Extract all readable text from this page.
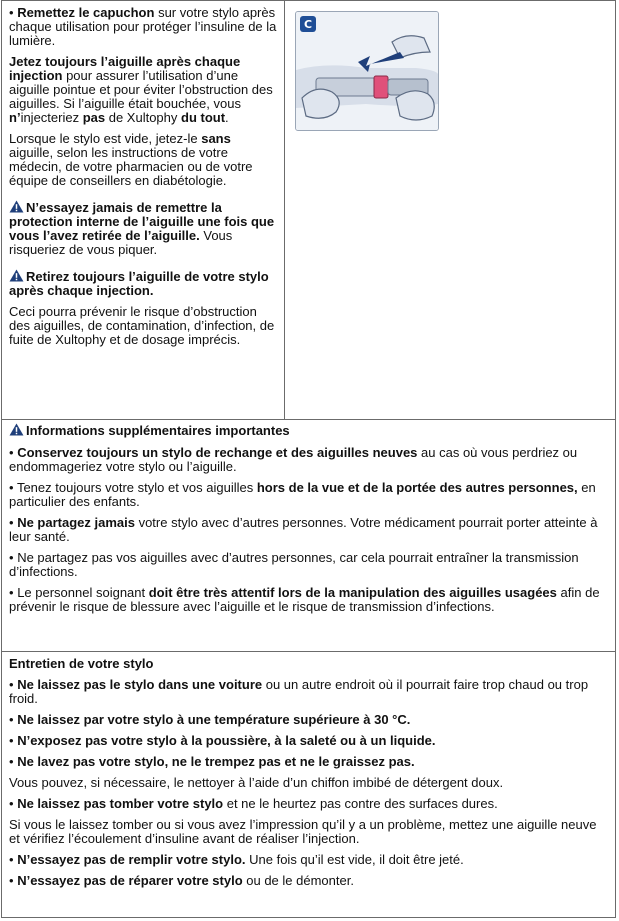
• Remettez le capuchon sur votre stylo après chaque utilisation pour protéger l’insuline de la lumière.

Jetez toujours l’aiguille après chaque injection pour assurer l’utilisation d’une aiguille pointue et pour éviter l’obstruction des aiguilles. Si l’aiguille était bouchée, vous n’injecteriez pas de Xultophy du tout.

Lorsque le stylo est vide, jetez-le sans aiguille, selon les instructions de votre médecin, de votre pharmacien ou de votre équipe de conseillers en diabétologie.

N’essayez jamais de remettre la protection interne de l’aiguille une fois que vous l’avez retirée de l’aiguille. Vous risqueriez de vous piquer.

Retirez toujours l’aiguille de votre stylo après chaque injection.

Ceci pourra prévenir le risque d’obstruction des aiguilles, de contamination, d’infection, de fuite de Xultophy et de dosage imprécis.

C

Informations supplémentaires importantes

• Conservez toujours un stylo de rechange et des aiguilles neuves au cas où vous perdriez ou endommageriez votre stylo ou l’aiguille.

• Tenez toujours votre stylo et vos aiguilles hors de la vue et de la portée des autres personnes, en particulier des enfants.

• Ne partagez jamais votre stylo avec d’autres personnes. Votre médicament pourrait porter atteinte à leur santé.

• Ne partagez pas vos aiguilles avec d’autres personnes, car cela pourrait entraîner la transmission d’infections.

• Le personnel soignant doit être très attentif lors de la manipulation des aiguilles usagées afin de prévenir le risque de blessure avec l’aiguille et le risque de transmission d’infections.

Entretien de votre stylo

• Ne laissez pas le stylo dans une voiture ou un autre endroit où il pourrait faire trop chaud ou trop froid.

• Ne laissez par votre stylo à une température supérieure à 30 °C.

• N’exposez pas votre stylo à la poussière, à la saleté ou à un liquide.

• Ne lavez pas votre stylo, ne le trempez pas et ne le graissez pas.

Vous pouvez, si nécessaire, le nettoyer à l’aide d’un chiffon imbibé de détergent doux.

• Ne laissez pas tomber votre stylo et ne le heurtez pas contre des surfaces dures.

Si vous le laissez tomber ou si vous avez l’impression qu’il y a un problème, mettez une aiguille neuve et vérifiez l’écoulement d’insuline avant de réaliser l’injection.

• N’essayez pas de remplir votre stylo. Une fois qu’il est vide, il doit être jeté.

• N’essayez pas de réparer votre stylo ou de le démonter.
